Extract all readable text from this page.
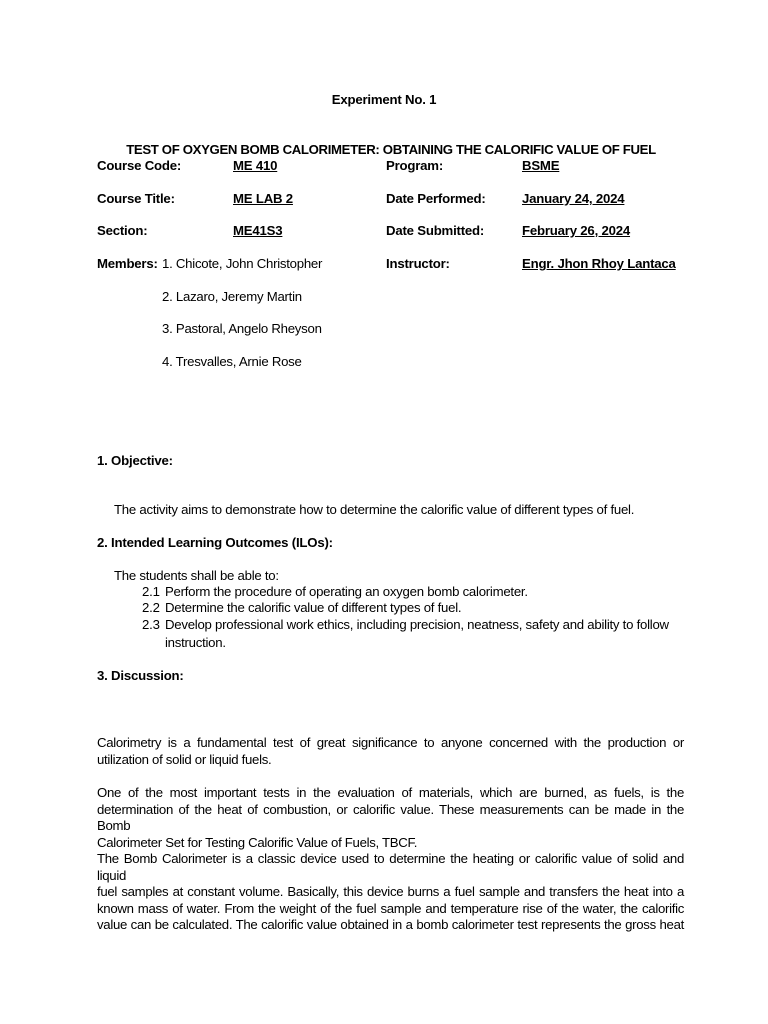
Experiment No. 1
TEST OF OXYGEN BOMB CALORIMETER: OBTAINING THE CALORIFIC VALUE OF FUEL
Course Code:	ME 410	Program:	BSME
Course Title:	ME LAB 2	Date Performed:	January 24, 2024
Section:	ME41S3	Date Submitted:	February 26, 2024
Members: 1. Chicote, John Christopher	Instructor:	Engr. Jhon Rhoy Lantaca
2. Lazaro, Jeremy Martin
3. Pastoral, Angelo Rheyson
4. Tresvalles, Arnie Rose
1. Objective:
The activity aims to demonstrate how to determine the calorific value of different types of fuel.
2. Intended Learning Outcomes (ILOs):
The students shall be able to:
2.1 Perform the procedure of operating an oxygen bomb calorimeter.
2.2 Determine the calorific value of different types of fuel.
2.3 Develop professional work ethics, including precision, neatness, safety and ability to follow
instruction.
3. Discussion:
Calorimetry is a fundamental test of great significance to anyone concerned with the production or
utilization of solid or liquid fuels.
One of the most important tests in the evaluation of materials, which are burned, as fuels, is the
determination of the heat of combustion, or calorific value. These measurements can be made in the Bomb
Calorimeter Set for Testing Calorific Value of Fuels, TBCF.
The Bomb Calorimeter is a classic device used to determine the heating or calorific value of solid and liquid
fuel samples at constant volume. Basically, this device burns a fuel sample and transfers the heat into a
known mass of water. From the weight of the fuel sample and temperature rise of the water, the calorific
value can be calculated. The calorific value obtained in a bomb calorimeter test represents the gross heat
